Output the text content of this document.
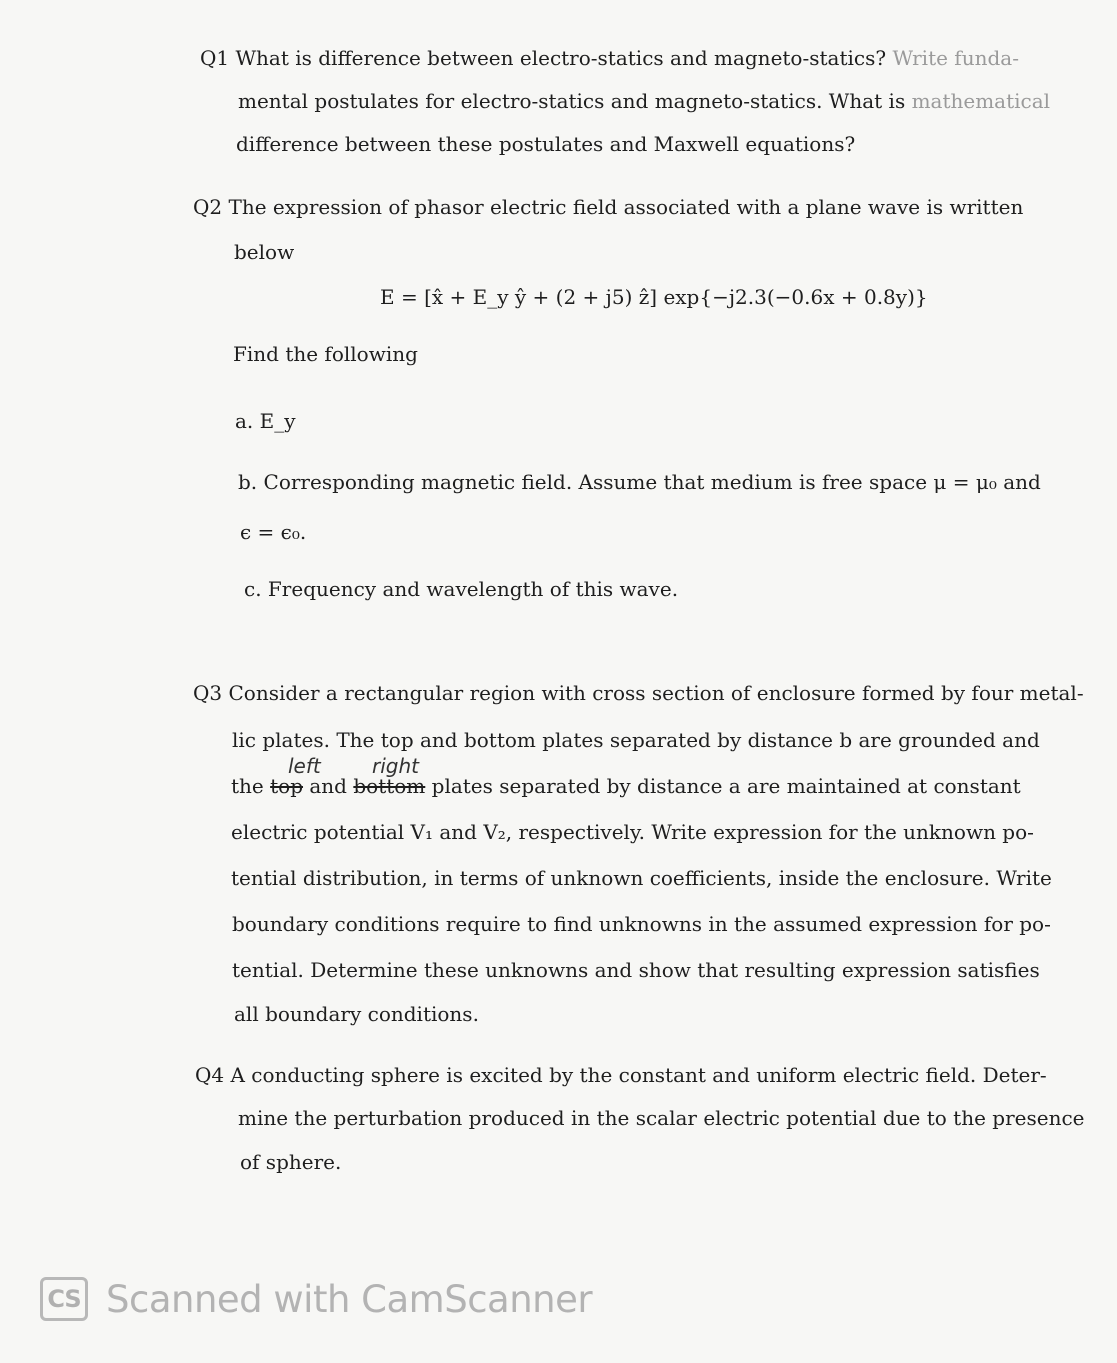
Q1 What is difference between electro-statics and magneto-statics? Write funda-
mental postulates for electro-statics and magneto-statics. What is mathematical
difference between these postulates and Maxwell equations?
Q2 The expression of phasor electric field associated with a plane wave is written
below
E = [x̂ + E_y ŷ + (2 + j5) ẑ] exp{−j2.3(−0.6x + 0.8y)}
Find the following
a. E_y
b. Corresponding magnetic field. Assume that medium is free space μ = μ₀ and
ϵ = ϵ₀.
c. Frequency and wavelength of this wave.
Q3 Consider a rectangular region with cross section of enclosure formed by four metal-
lic plates. The top and bottom plates separated by distance b are grounded and
left	right
the top and bottom plates separated by distance a are maintained at constant
electric potential V₁ and V₂, respectively. Write expression for the unknown po-
tential distribution, in terms of unknown coefficients, inside the enclosure. Write
boundary conditions require to find unknowns in the assumed expression for po-
tential. Determine these unknowns and show that resulting expression satisfies
all boundary conditions.
Q4 A conducting sphere is excited by the constant and uniform electric field. Deter-
mine the perturbation produced in the scalar electric potential due to the presence
of sphere.
CS Scanned with CamScanner
